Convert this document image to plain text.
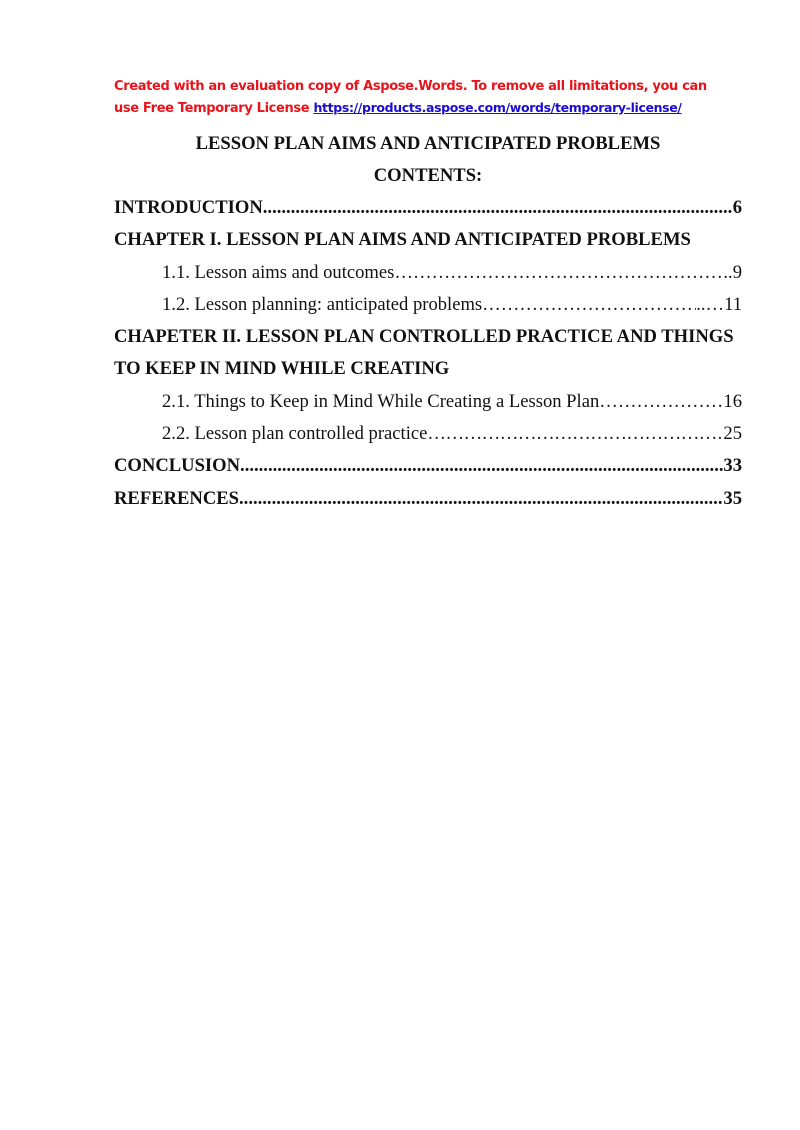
Created with an evaluation copy of Aspose.Words. To remove all limitations, you can use Free Temporary License https://products.aspose.com/words/temporary-license/
LESSON PLAN AIMS AND ANTICIPATED PROBLEMS
CONTENTS:
INTRODUCTION .....	6
CHAPTER I. LESSON PLAN AIMS AND ANTICIPATED PROBLEMS
1.1. Lesson aims and outcomes …………………………………………………………………………………………………………………………………………………………	..9
1.2. Lesson planning: anticipated problems …………………………………………………………………………………………………………………………………………………………	..…11
CHAPETER II. LESSON PLAN CONTROLLED PRACTICE AND THINGS
TO KEEP IN MIND WHILE CREATING
2.1. Things to Keep in Mind While Creating a Lesson Plan …………………………………………………………………………………………………………………………………………………………	16
2.2. Lesson plan controlled practice …………………………………………………………………………………………………………………………………………………………	25
CONCLUSION .....	33
REFERENCES .....	35
